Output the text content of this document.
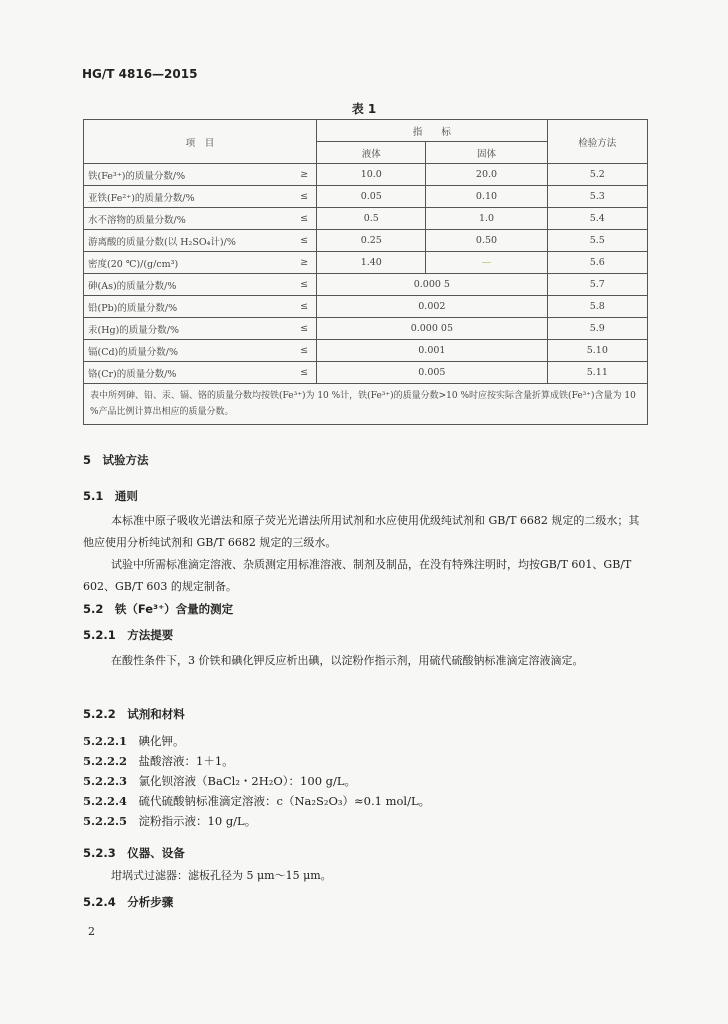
HG/T 4816—2015
表 1
项　目		指　　标		检验方法
		液体	固体	
铁(Fe³⁺)的质量分数/%	≥	10.0	20.0	5.2
亚铁(Fe²⁺)的质量分数/%	≤	0.05	0.10	5.3
水不溶物的质量分数/%	≤	0.5	1.0	5.4
游离酸的质量分数(以 H₂SO₄计)/%	≤	0.25	0.50	5.5
密度(20 ℃)/(g/cm³)	≥	1.40	—	5.6
砷(As)的质量分数/%	≤	0.000 5		5.7
铅(Pb)的质量分数/%	≤	0.002		5.8
汞(Hg)的质量分数/%	≤	0.000 05		5.9
镉(Cd)的质量分数/%	≤	0.001		5.10
铬(Cr)的质量分数/%	≤	0.005		5.11
表中所列砷、铅、汞、镉、铬的质量分数均按铁(Fe³⁺)为 10 %计，铁(Fe³⁺)的质量分数>10 %时应按实际含量折算成铁(Fe³⁺)含量为 10 %产品比例计算出相应的质量分数。				
5　试验方法
5.1　通则
本标准中原子吸收光谱法和原子荧光光谱法所用试剂和水应使用优级纯试剂和 GB/T 6682 规定的二级水；其他应使用分析纯试剂和 GB/T 6682 规定的三级水。
试验中所需标准滴定溶液、杂质测定用标准溶液、制剂及制品，在没有特殊注明时，均按GB/T 601、GB/T 602、GB/T 603 的规定制备。
5.2　铁（Fe³⁺）含量的测定
5.2.1　方法提要
在酸性条件下，3 价铁和碘化钾反应析出碘，以淀粉作指示剂，用硫代硫酸钠标准滴定溶液滴定。
5.2.2　试剂和材料
5.2.2.1　 碘化钾。
5.2.2.2　 盐酸溶液：1＋1。
5.2.2.3　 氯化钡溶液（BaCl₂・2H₂O）：100 g/L。
5.2.2.4　 硫代硫酸钠标准滴定溶液：c（Na₂S₂O₃）≈0.1 mol/L。
5.2.2.5　 淀粉指示液：10 g/L。
5.2.3　仪器、设备
坩埚式过滤器：滤板孔径为 5 μm～15 μm。
5.2.4　分析步骤
2
